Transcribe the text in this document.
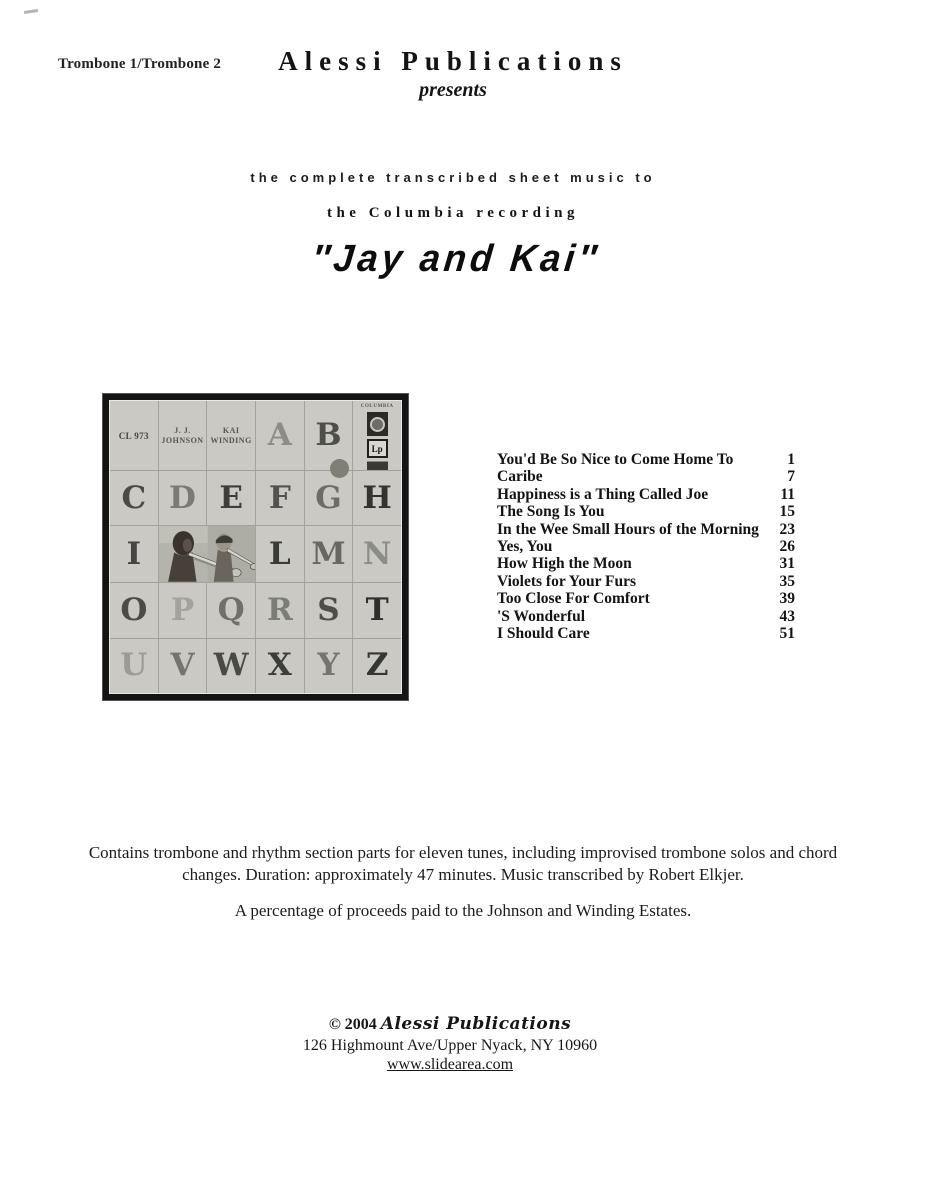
Trombone 1/Trombone 2	Alessi Publications
presents
the complete transcribed sheet music to
the Columbia recording
″Jay and Kai″
CL 973
J. J.
JOHNSON
KAI
WINDING A B
COLUMBIA
Lp
C D E F G H
I	L M N
O P Q R S T
U V W X Y Z
You'd Be So Nice to Come Home To	1
Caribe	7
Happiness is a Thing Called Joe	11
The Song Is You	15
In the Wee Small Hours of the Morning	23
Yes, You	26
How High the Moon	31
Violets for Your Furs	35
Too Close For Comfort	39
'S Wonderful	43
I Should Care	51
Contains trombone and rhythm section parts for eleven tunes, including improvised trombone solos and chord changes. Duration: approximately 47 minutes. Music transcribed by Robert Elkjer.
A percentage of proceeds paid to the Johnson and Winding Estates.
© 2004 Alessi Publications
126 Highmount Ave/Upper Nyack, NY 10960
www.slidearea.com
